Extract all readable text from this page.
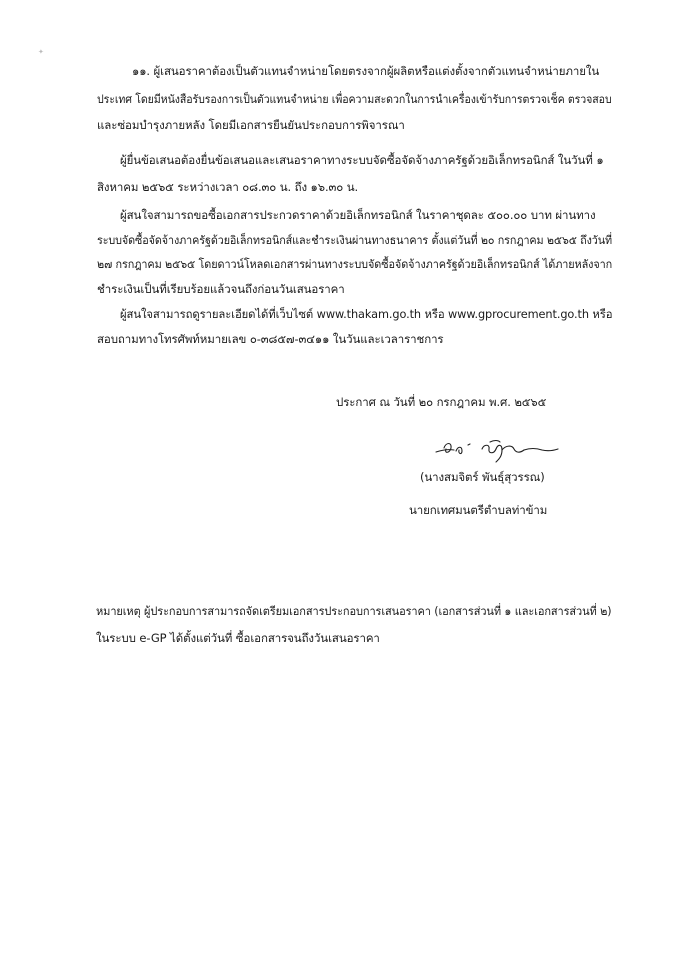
✦
๑๑. ผู้เสนอราคาต้องเป็นตัวแทนจำหน่ายโดยตรงจากผู้ผลิตหรือแต่งตั้งจากตัวแทนจำหน่ายภายใน
ประเทศ โดยมีหนังสือรับรองการเป็นตัวแทนจำหน่าย เพื่อความสะดวกในการนำเครื่องเข้ารับการตรวจเช็ค ตรวจสอบ
และซ่อมบำรุงภายหลัง โดยมีเอกสารยืนยันประกอบการพิจารณา
ผู้ยื่นข้อเสนอต้องยื่นข้อเสนอและเสนอราคาทางระบบจัดซื้อจัดจ้างภาครัฐด้วยอิเล็กทรอนิกส์ ในวันที่ ๑
สิงหาคม ๒๕๖๕ ระหว่างเวลา ๐๘.๓๐ น. ถึง ๑๖.๓๐ น.
ผู้สนใจสามารถขอซื้อเอกสารประกวดราคาด้วยอิเล็กทรอนิกส์ ในราคาชุดละ ๕๐๐.๐๐ บาท ผ่านทาง
ระบบจัดซื้อจัดจ้างภาครัฐด้วยอิเล็กทรอนิกส์และชำระเงินผ่านทางธนาคาร ตั้งแต่วันที่ ๒๐ กรกฎาคม ๒๕๖๕ ถึงวันที่
๒๗ กรกฎาคม ๒๕๖๕ โดยดาวน์โหลดเอกสารผ่านทางระบบจัดซื้อจัดจ้างภาครัฐด้วยอิเล็กทรอนิกส์ ได้ภายหลังจาก
ชำระเงินเป็นที่เรียบร้อยแล้วจนถึงก่อนวันเสนอราคา
ผู้สนใจสามารถดูรายละเอียดได้ที่เว็บไซต์ www.thakam.go.th หรือ www.gprocurement.go.th หรือ
สอบถามทางโทรศัพท์หมายเลข ๐-๓๘๕๗-๓๔๑๑ ในวันและเวลาราชการ
ประกาศ ณ วันที่ ๒๐ กรกฎาคม พ.ศ. ๒๕๖๕
(นางสมจิตร์ พันธุ์สุวรรณ)
นายกเทศมนตรีตำบลท่าข้าม
หมายเหตุ ผู้ประกอบการสามารถจัดเตรียมเอกสารประกอบการเสนอราคา (เอกสารส่วนที่ ๑ และเอกสารส่วนที่ ๒)
ในระบบ e-GP ได้ตั้งแต่วันที่ ซื้อเอกสารจนถึงวันเสนอราคา
